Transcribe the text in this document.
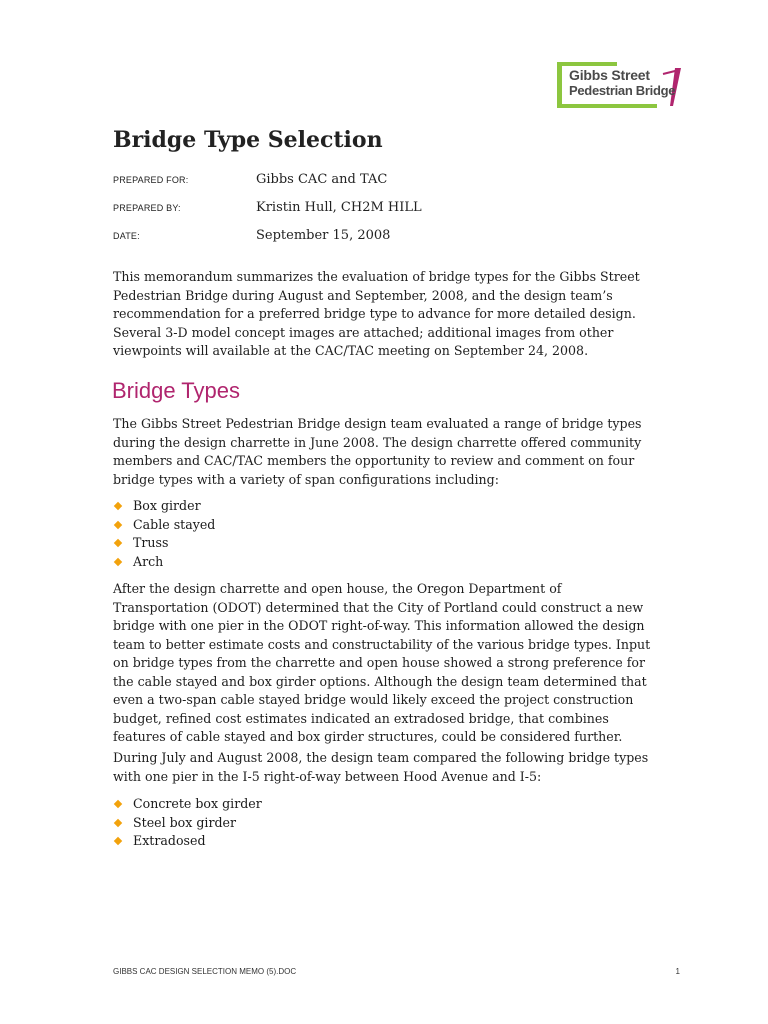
Gibbs Street
Pedestrian Bridge
Bridge Type Selection
PREPARED FOR:	Gibbs CAC and TAC
PREPARED BY:	Kristin Hull, CH2M HILL
DATE:	September 15, 2008

This memorandum summarizes the evaluation of bridge types for the Gibbs Street Pedestrian Bridge during August and September, 2008, and the design team’s recommendation for a preferred bridge type to advance for more detailed design. Several 3-D model concept images are attached; additional images from other viewpoints will available at the CAC/TAC meeting on September 24, 2008.

Bridge Types

The Gibbs Street Pedestrian Bridge design team evaluated a range of bridge types during the design charrette in June 2008. The design charrette offered community members and CAC/TAC members the opportunity to review and comment on four bridge types with a variety of span configurations including:

Box girder
Cable stayed
Truss
Arch

After the design charrette and open house, the Oregon Department of Transportation (ODOT) determined that the City of Portland could construct a new bridge with one pier in the ODOT right-of-way. This information allowed the design team to better estimate costs and constructability of the various bridge types. Input on bridge types from the charrette and open house showed a strong preference for the cable stayed and box girder options. Although the design team determined that even a two-span cable stayed bridge would likely exceed the project construction budget, refined cost estimates indicated an extradosed bridge, that combines features of cable stayed and box girder structures, could be considered further.

During July and August 2008, the design team compared the following bridge types with one pier in the I-5 right-of-way between Hood Avenue and I-5:

Concrete box girder
Steel box girder
Extradosed
GIBBS CAC DESIGN SELECTION MEMO (5).DOC	1
